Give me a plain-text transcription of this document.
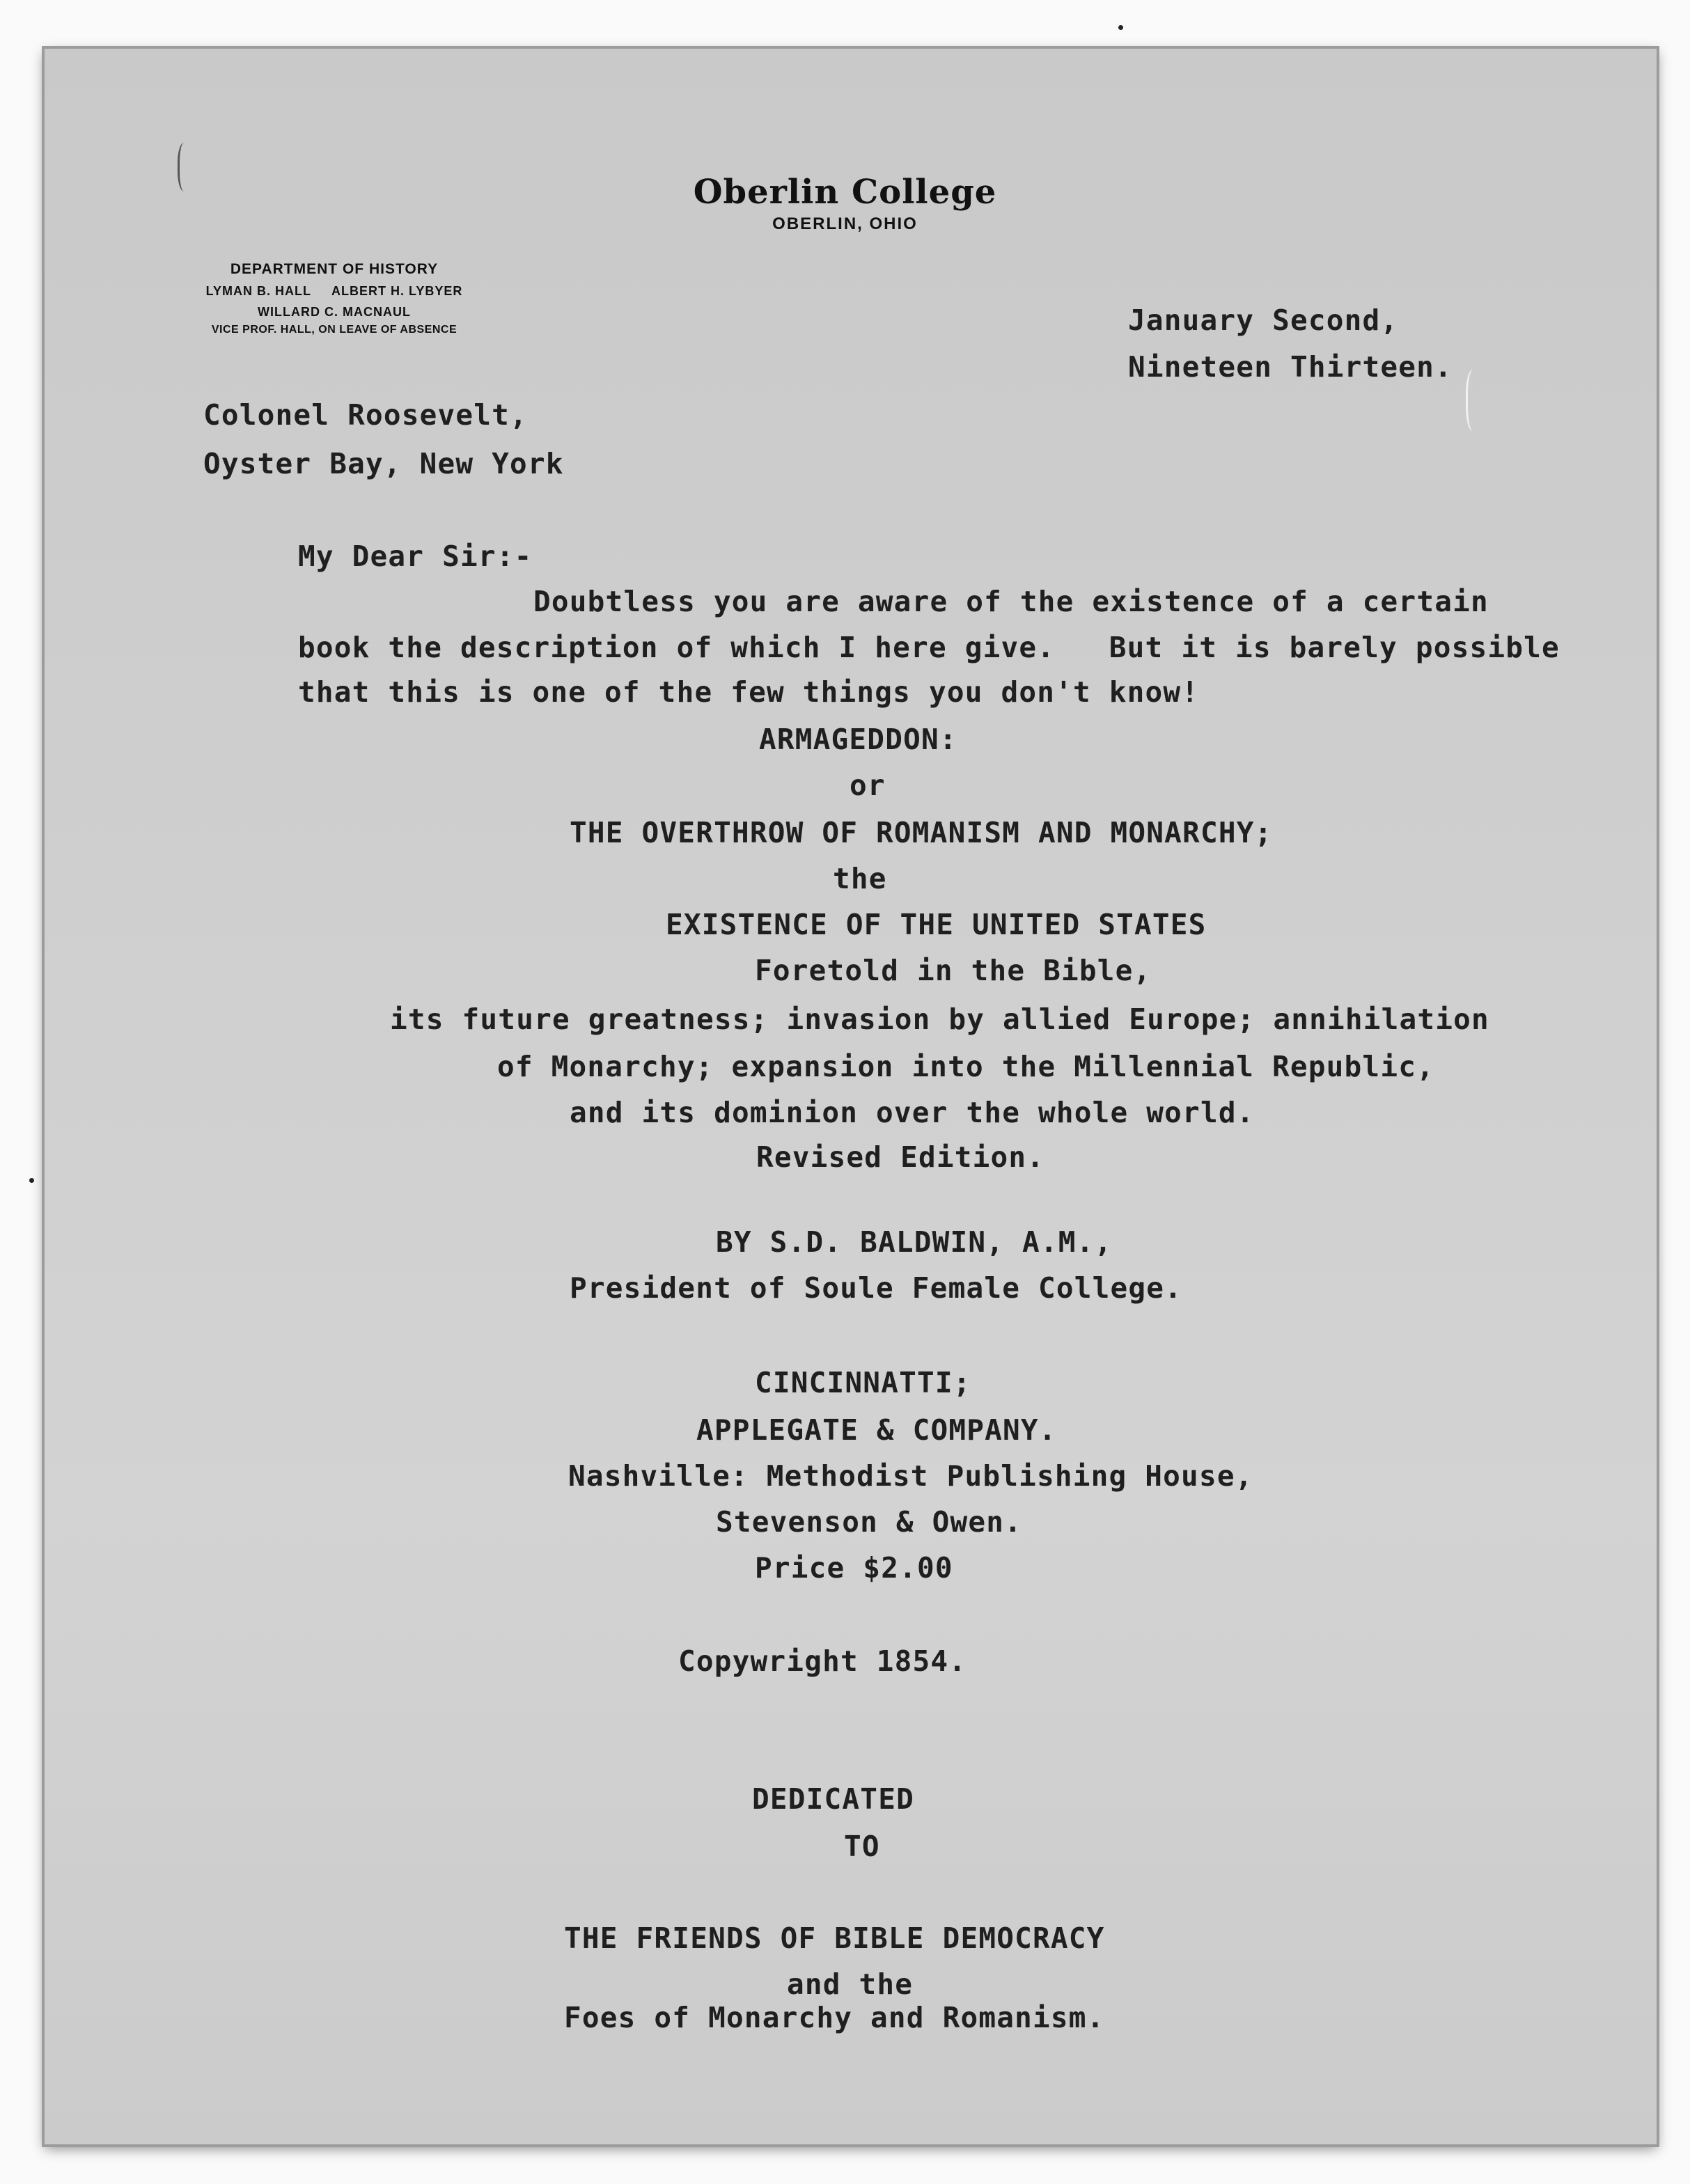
Oberlin College
OBERLIN, OHIO
DEPARTMENT OF HISTORY
LYMAN B. HALL     ALBERT H. LYBYER
WILLARD C. MACNAUL
VICE PROF. HALL, ON LEAVE OF ABSENCE	January Second,
Nineteen Thirteen.
Colonel Roosevelt,
Oyster Bay, New York
My Dear Sir:-
Doubtless you are aware of the existence of a certain
book the description of which I here give.   But it is barely possible
that this is one of the few things you don't know!
ARMAGEDDON:
or
THE OVERTHROW OF ROMANISM AND MONARCHY;
the
EXISTENCE OF THE UNITED STATES
Foretold in the Bible,
its future greatness; invasion by allied Europe; annihilation
of Monarchy; expansion into the Millennial Republic,
and its dominion over the whole world.
Revised Edition.
BY S.D. BALDWIN, A.M.,
President of Soule Female College.
CINCINNATTI;
APPLEGATE & COMPANY.
Nashville: Methodist Publishing House,
Stevenson & Owen.
Price $2.00
Copywright 1854.
DEDICATED
TO
THE FRIENDS OF BIBLE DEMOCRACY
and the
Foes of Monarchy and Romanism.
